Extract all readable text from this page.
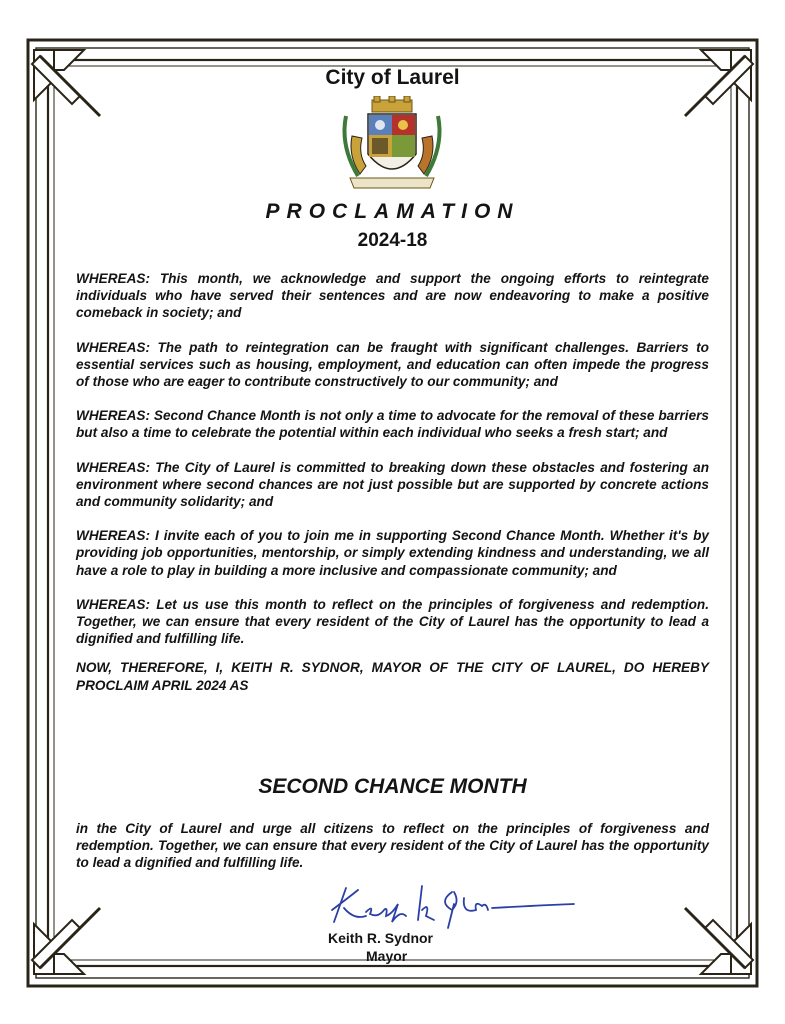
City of Laurel
PROCLAMATION
2024-18

WHEREAS: This month, we acknowledge and support the ongoing efforts to reintegrate individuals who have served their sentences and are now endeavoring to make a positive comeback in society; and

WHEREAS: The path to reintegration can be fraught with significant challenges. Barriers to essential services such as housing, employment, and education can often impede the progress of those who are eager to contribute constructively to our community; and

WHEREAS: Second Chance Month is not only a time to advocate for the removal of these barriers but also a time to celebrate the potential within each individual who seeks a fresh start; and

WHEREAS: The City of Laurel is committed to breaking down these obstacles and fostering an environment where second chances are not just possible but are supported by concrete actions and community solidarity; and

WHEREAS: I invite each of you to join me in supporting Second Chance Month. Whether it's by providing job opportunities, mentorship, or simply extending kindness and understanding, we all have a role to play in building a more inclusive and compassionate community; and

WHEREAS: Let us use this month to reflect on the principles of forgiveness and redemption. Together, we can ensure that every resident of the City of Laurel has the opportunity to lead a dignified and fulfilling life.

NOW, THEREFORE, I, KEITH R. SYDNOR, MAYOR OF THE CITY OF LAUREL, DO HEREBY PROCLAIM APRIL 2024 AS

SECOND CHANCE MONTH
in the City of Laurel and urge all citizens to reflect on the principles of forgiveness and redemption. Together, we can ensure that every resident of the City of Laurel has the opportunity to lead a dignified and fulfilling life.
Keith R. Sydnor
Mayor
